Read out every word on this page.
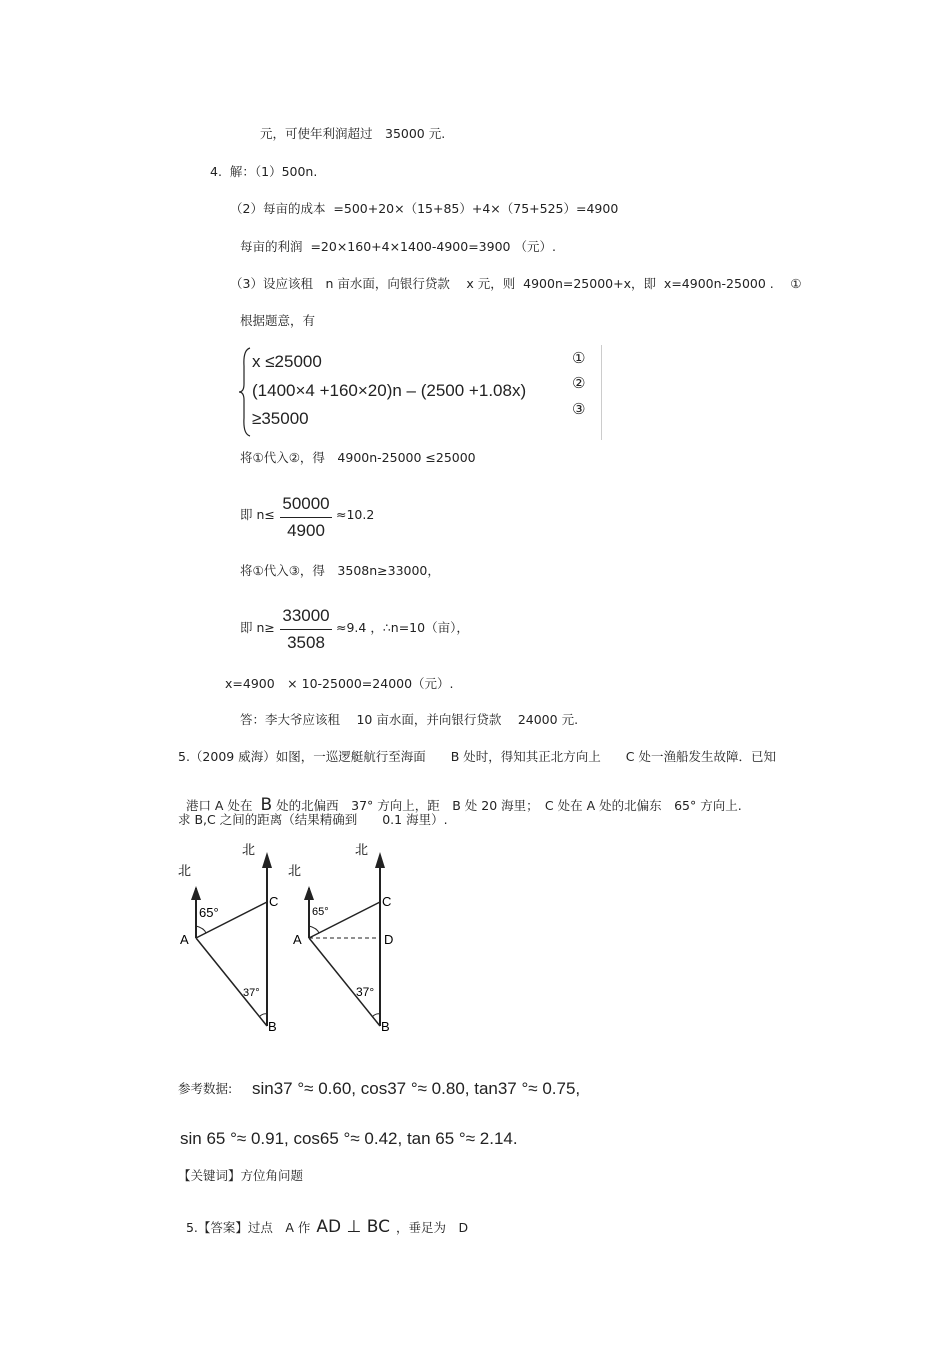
元，可使年利润超过　35000 元.
4.  解：（1）500n.
（2）每亩的成本  =500+20×（15+85）+4×（75+525）=4900
每亩的利润  =20×160+4×1400-4900=3900 （元）.
（3）设应该租　n 亩水面，向银行贷款　 x 元，则  4900n=25000+x，即  x=4900n-25000 .　 ①
根据题意，有
x ≤25000
(1400×4 +160×20)n – (2500 +1.08x)
≥35000
①
②
③
将①代入②，得　4900n-25000 ≤25000
即 n≤
50000
4900
≈10.2
将①代入③，得　3508n≥33000，
即 n≥
33000
3508
≈9.4 ，∴n=10（亩），
x=4900　× 10-25000=24000（元）.
答：李大爷应该租　 10 亩水面，并向银行贷款　 24000 元.
5.（2009 威海）如图，一巡逻艇航行至海面　　B 处时，得知其正北方向上　　C 处一渔船发生故障．已知

港口 A 处在 B 处的北偏西　37° 方向上，距　B 处 20 海里；　C 处在 A 处的北偏东　65° 方向上.

求 B,C 之间的距离（结果精确到　　0.1 海里）.
北
北
65°
37°
A
C
B
北
北
65°
37°
A
C
D
B
参考数据: sin37 °≈ 0.60, cos37 °≈ 0.80, tan37 °≈ 0.75,
sin 65 °≈ 0.91, cos65 °≈ 0.42, tan 65 °≈ 2.14.
【关键词】方位角问题

5.【答案】过点　A 作 AD ⊥ BC ，垂足为　D
